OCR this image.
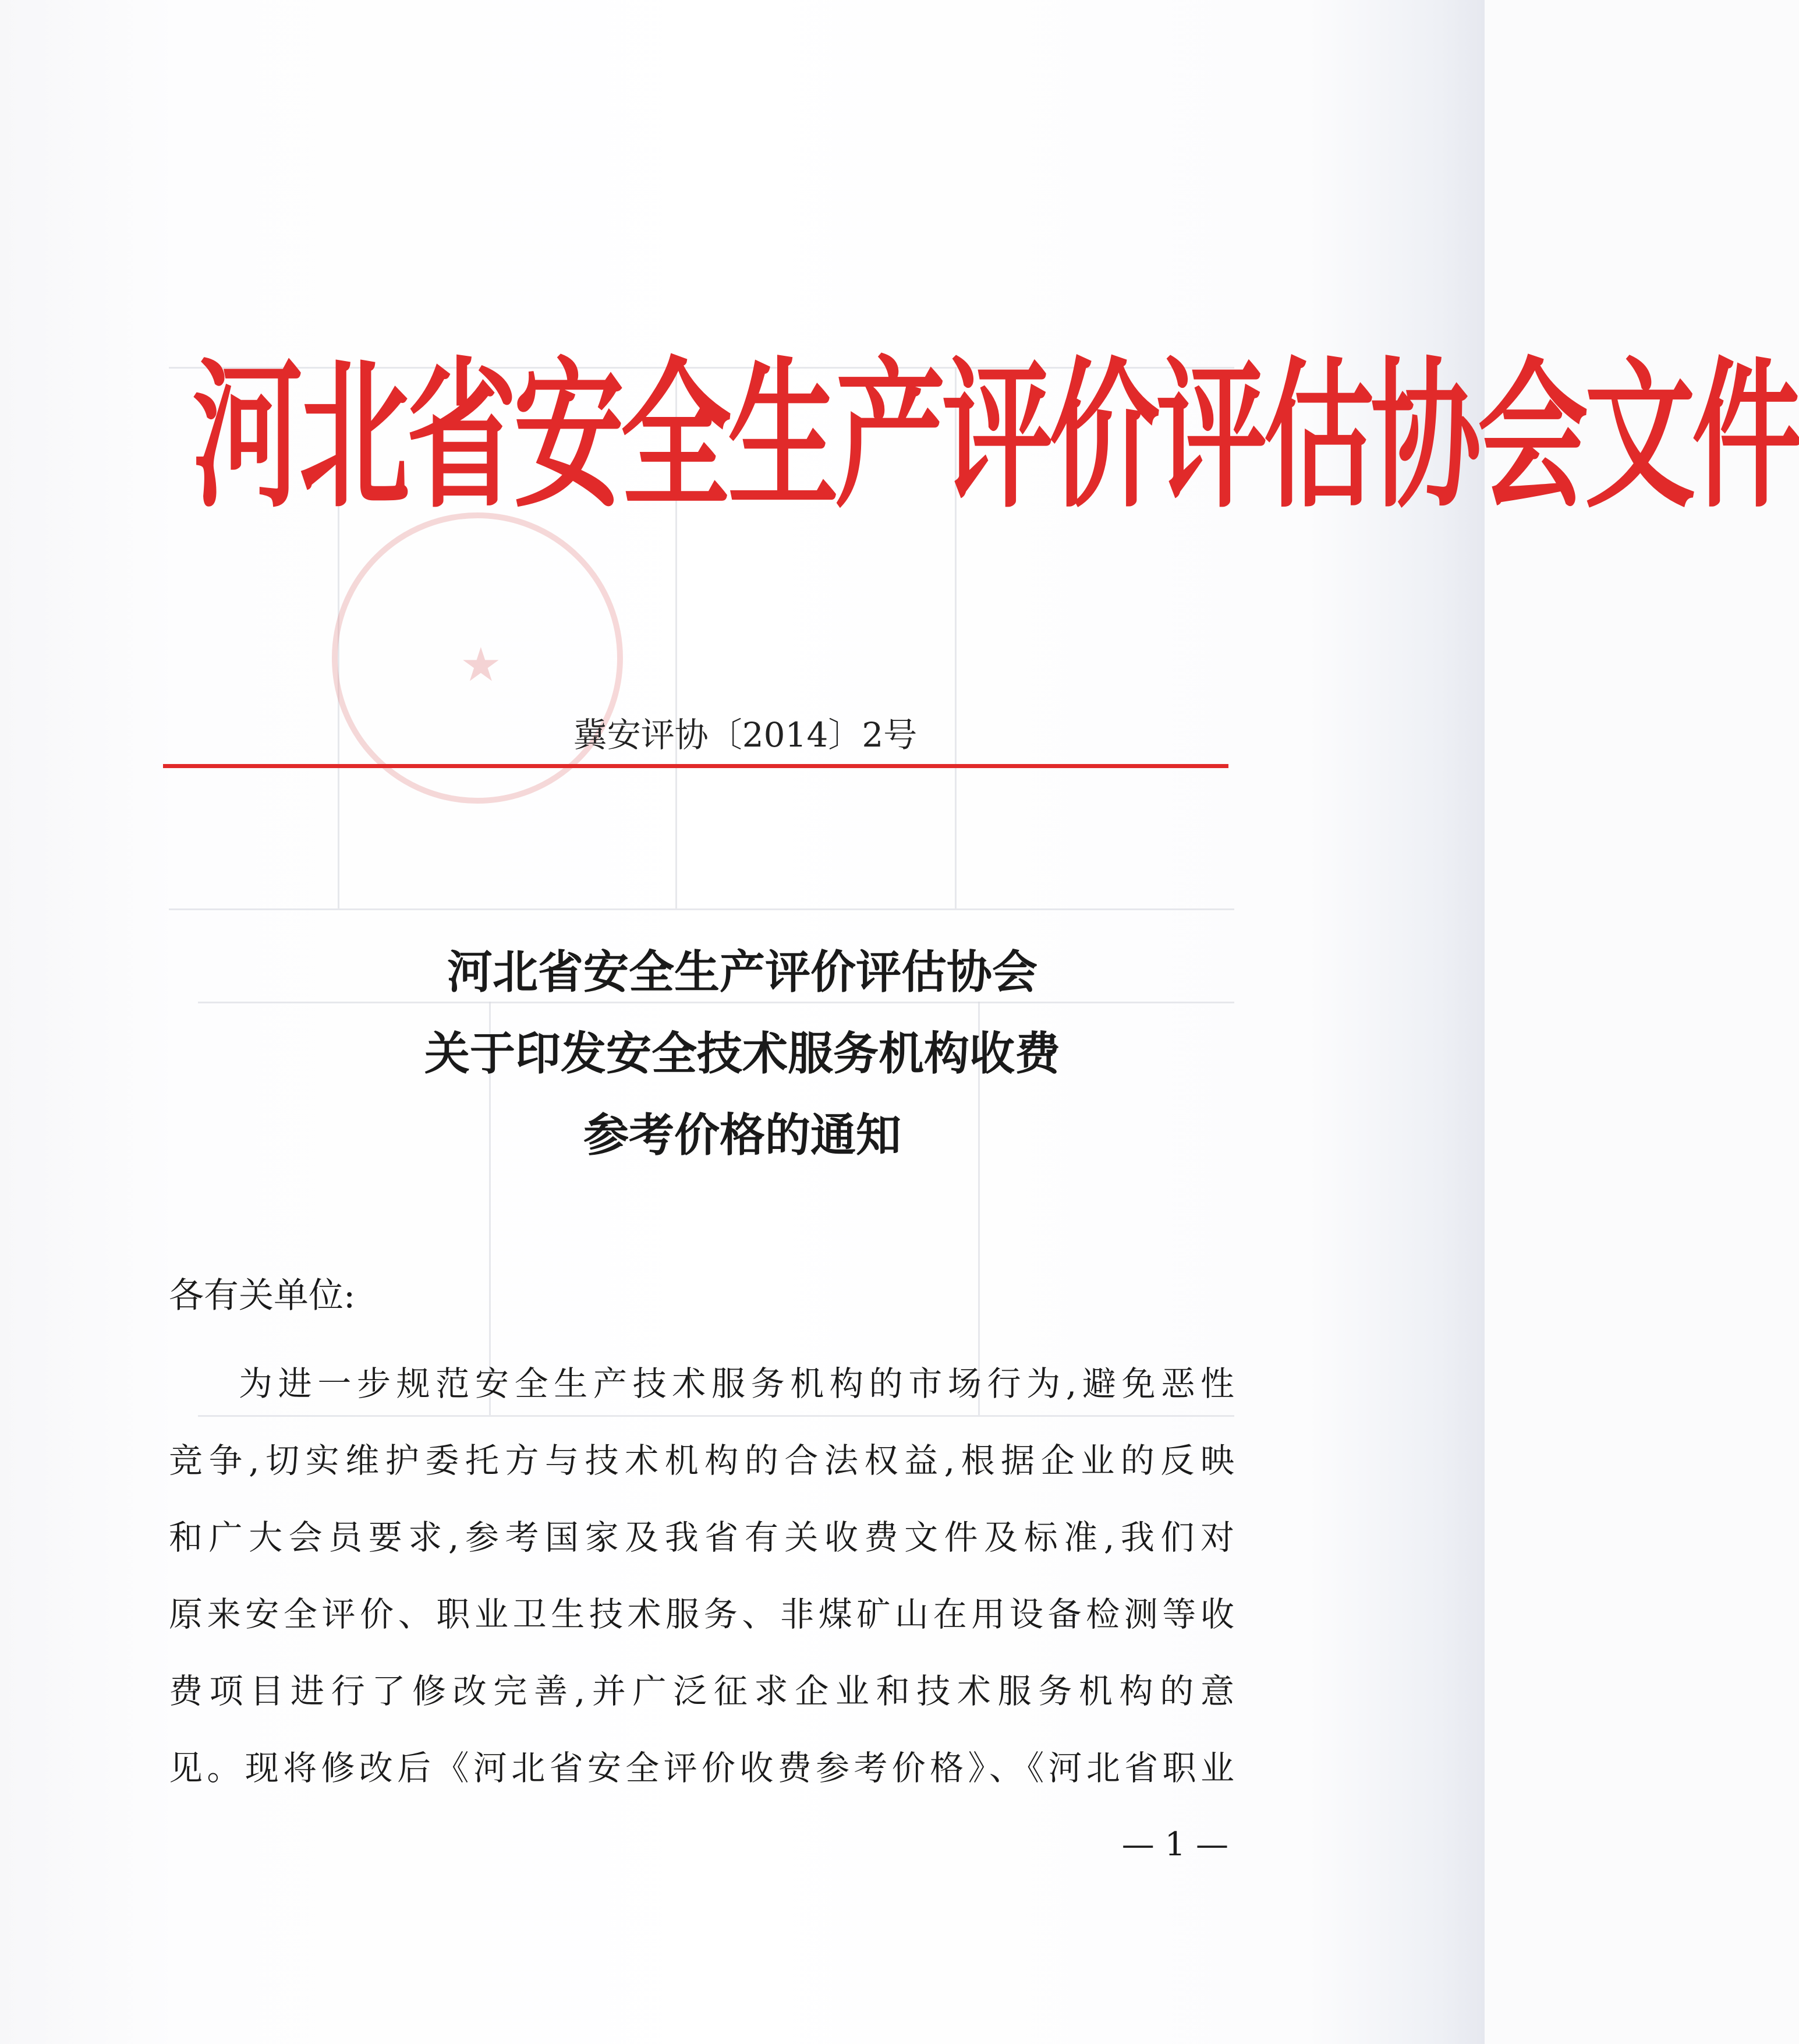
★
河北省安全生产评价评估协会文件
冀安评协〔2014〕2号
河北省安全生产评价评估协会
关于印发安全技术服务机构收费
参考价格的通知
各有关单位:
为进一步规范安全生产技术服务机构的市场行为,避免恶性
竞争,切实维护委托方与技术机构的合法权益,根据企业的反映
和广大会员要求,参考国家及我省有关收费文件及标准,我们对
原来安全评价、职业卫生技术服务、非煤矿山在用设备检测等收
费项目进行了修改完善,并广泛征求企业和技术服务机构的意
见。现将修改后《河北省安全评价收费参考价格》、《河北省职业
— 1 —
